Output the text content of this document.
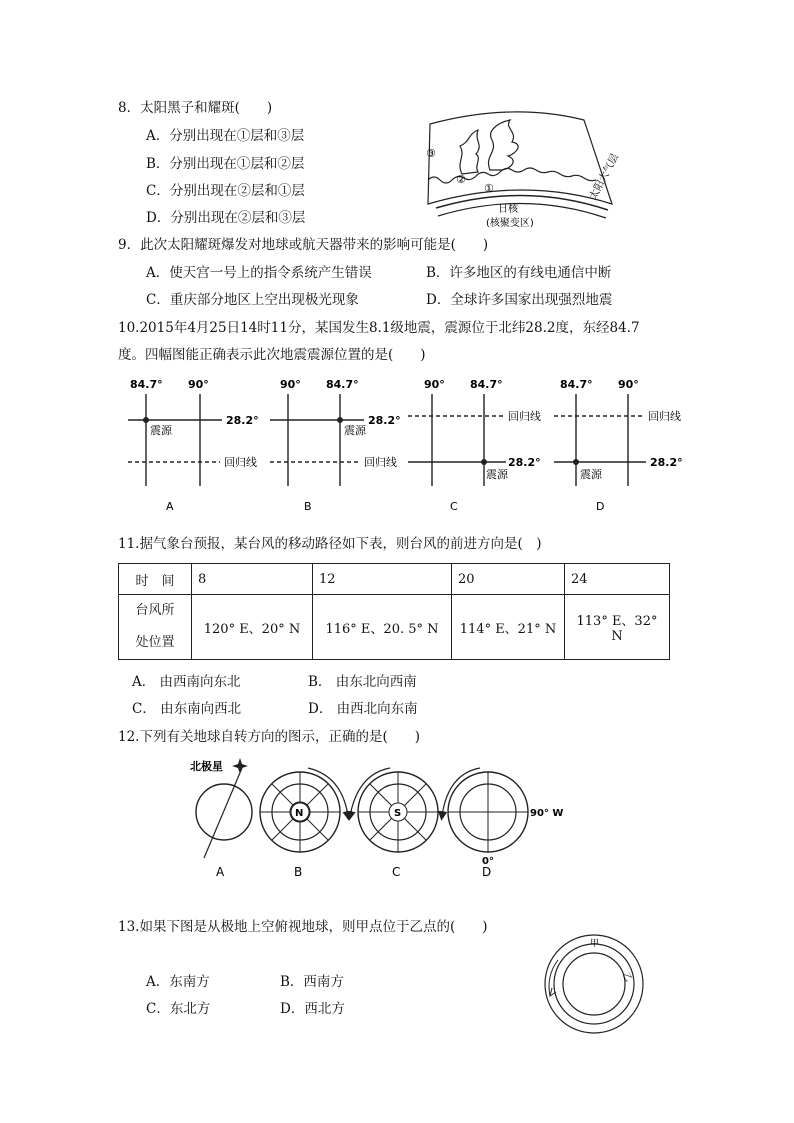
8．太阳黑子和耀斑(　　)
A．分别出现在①层和③层
B．分别出现在①层和②层
C．分别出现在②层和①层
D．分别出现在②层和③层
③
②
①	太阳大气层
日核
(核聚变区)
9．此次太阳耀斑爆发对地球或航天器带来的影响可能是(　　)
A．使天宫一号上的指令系统产生错误	B．许多地区的有线电通信中断
C．重庆部分地区上空出现极光现象	D．全球许多国家出现强烈地震
10.2015年4月25日14时11分，某国发生8.1级地震，震源位于北纬28.2度，东经84.7
度。四幅图能正确表示此次地震震源位置的是(　　)
84.7° 90°
28.2°
回归线
震源
A
90° 84.7°
28.2°
回归线
震源
B
90° 84.7°
回归线
28.2°
震源
C
84.7° 90°
回归线
28.2°
震源
D
11.据气象台预报，某台风的移动路径如下表，则台风的前进方向是(　)
时　间	8	12	20	24

台风所
处位置	120° E、20° N	116° E、20. 5° N	114° E、21° N	113° E、32° N
A． 由西南向东北	B． 由东北向西南
C． 由东南向西北	D． 由西北向东南
12.下列有关地球自转方向的图示，正确的是(　　)
北极星
A
N
B
S
C
90° W
0°
D
13.如果下图是从极地上空俯视地球，则甲点位于乙点的(　　)
A．东南方	B．西南方
C．东北方	D．西北方
甲
乙
